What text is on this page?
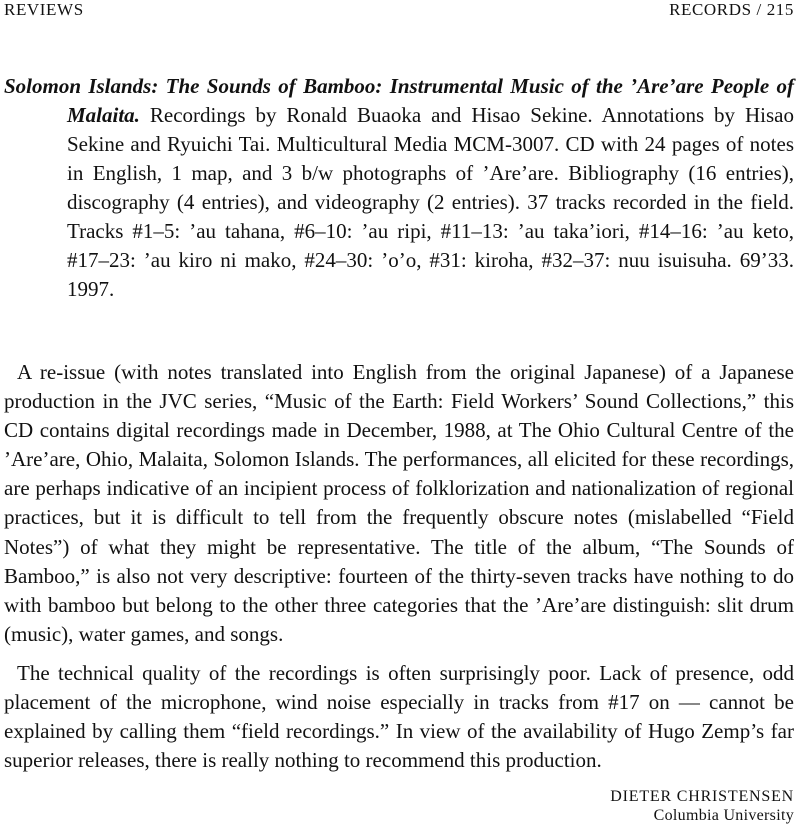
REVIEWS	RECORDS / 215
Solomon Islands: The Sounds of Bamboo: Instrumental Music of the ’Are’are People of Malaita. Recordings by Ronald Buaoka and Hisao Sekine. Annotations by Hisao Sekine and Ryuichi Tai. Multicultural Media MCM-3007. CD with 24 pages of notes in English, 1 map, and 3 b/w photographs of ’Are’are. Bibliography (16 entries), discography (4 entries), and videography (2 entries). 37 tracks recorded in the field. Tracks #1–5: ’au tahana, #6–10: ’au ripi, #11–13: ’au taka’iori, #14–16: ’au keto, #17–23: ’au kiro ni mako, #24–30: ’o’o, #31: kiroha, #32–37: nuu isuisuha. 69’33. 1997.

A re-issue (with notes translated into English from the original Japanese) of a Japanese production in the JVC series, “Music of the Earth: Field Workers’ Sound Collections,” this CD contains digital recordings made in December, 1988, at The Ohio Cultural Centre of the ’Are’are, Ohio, Malaita, Solomon Islands. The performances, all elicited for these recordings, are perhaps indicative of an incipient process of folklorization and nationalization of regional practices, but it is difficult to tell from the frequently obscure notes (mislabelled “Field Notes”) of what they might be representative. The title of the album, “The Sounds of Bamboo,” is also not very descriptive: fourteen of the thirty-seven tracks have nothing to do with bamboo but belong to the other three categories that the ’Are’are distinguish: slit drum (music), water games, and songs.

The technical quality of the recordings is often surprisingly poor. Lack of presence, odd placement of the microphone, wind noise especially in tracks from #17 on — cannot be explained by calling them “field recordings.” In view of the availability of Hugo Zemp’s far superior releases, there is really nothing to recommend this production.

DIETER CHRISTENSEN
Columbia University
